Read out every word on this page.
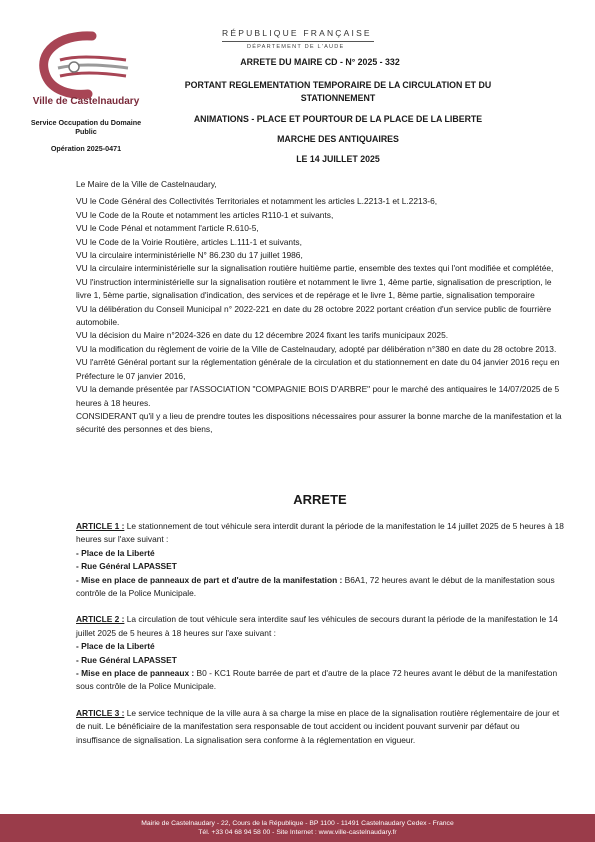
Ville de Castelnaudary
Service Occupation du Domaine Public
Opération 2025-0471
RÉPUBLIQUE FRANÇAISE
DÉPARTEMENT DE L'AUDE
ARRETE DU MAIRE CD - N° 2025 - 332
PORTANT REGLEMENTATION TEMPORAIRE DE LA CIRCULATION ET DU STATIONNEMENT
ANIMATIONS - PLACE ET POURTOUR DE LA PLACE DE LA LIBERTE
MARCHE DES ANTIQUAIRES
LE 14 JUILLET 2025

Le Maire de la Ville de Castelnaudary,

VU le Code Général des Collectivités Territoriales et notamment les articles L.2213-1 et L.2213-6,

VU le Code de la Route et notamment les articles R110-1 et suivants,

VU le Code Pénal et notamment l'article R.610-5,

VU le Code de la Voirie Routière, articles L.111-1 et suivants,

VU la circulaire interministérielle N° 86.230 du 17 juillet 1986,

VU la circulaire interministérielle sur la signalisation routière huitième partie, ensemble des textes qui l'ont modifiée et complétée,

VU l'instruction interministérielle sur la signalisation routière et notamment le livre 1, 4ème partie, signalisation de prescription, le livre 1, 5ème partie, signalisation d'indication, des services et de repérage et le livre 1, 8ème partie, signalisation temporaire

VU la délibération du Conseil Municipal n° 2022-221 en date du 28 octobre 2022 portant création d'un service public de fourrière automobile.

VU la décision du Maire n°2024-326 en date du 12 décembre 2024 fixant les tarifs municipaux 2025.

VU la modification du règlement de voirie de la Ville de Castelnaudary, adopté par délibération n°380 en date du 28 octobre 2013.

VU l'arrêté Général portant sur la réglementation générale de la circulation et du stationnement en date du 04 janvier 2016 reçu en Préfecture le 07 janvier 2016,

VU la demande présentée par l'ASSOCIATION "COMPAGNIE BOIS D'ARBRE" pour le marché des antiquaires le 14/07/2025 de 5 heures à 18 heures.

CONSIDERANT qu'il y a lieu de prendre toutes les dispositions nécessaires pour assurer la bonne marche de la manifestation et la sécurité des personnes et des biens,

ARRETE

ARTICLE 1 : Le stationnement de tout véhicule sera interdit durant la période de la manifestation le 14 juillet 2025 de 5 heures à 18 heures sur l'axe suivant :

- Place de la Liberté

- Rue Général LAPASSET

- Mise en place de panneaux de part et d'autre de la manifestation : B6A1, 72 heures avant le début de la manifestation sous contrôle de la Police Municipale.

ARTICLE 2 : La circulation de tout véhicule sera interdite sauf les véhicules de secours durant la période de la manifestation le 14 juillet 2025 de 5 heures à 18 heures sur l'axe suivant :

- Place de la Liberté

- Rue Général LAPASSET

- Mise en place de panneaux : B0 - KC1 Route barrée de part et d'autre de la place 72 heures avant le début de la manifestation sous contrôle de la Police Municipale.

ARTICLE 3 : Le service technique de la ville aura à sa charge la mise en place de la signalisation routière réglementaire de jour et de nuit. Le bénéficiaire de la manifestation sera responsable de tout accident ou incident pouvant survenir par défaut ou insuffisance de signalisation. La signalisation sera conforme à la réglementation en vigueur.

Mairie de Castelnaudary - 22, Cours de la République - BP 1100 - 11491 Castelnaudary Cedex - France
Tél. +33 04 68 94 58 00 - Site Internet : www.ville-castelnaudary.fr
